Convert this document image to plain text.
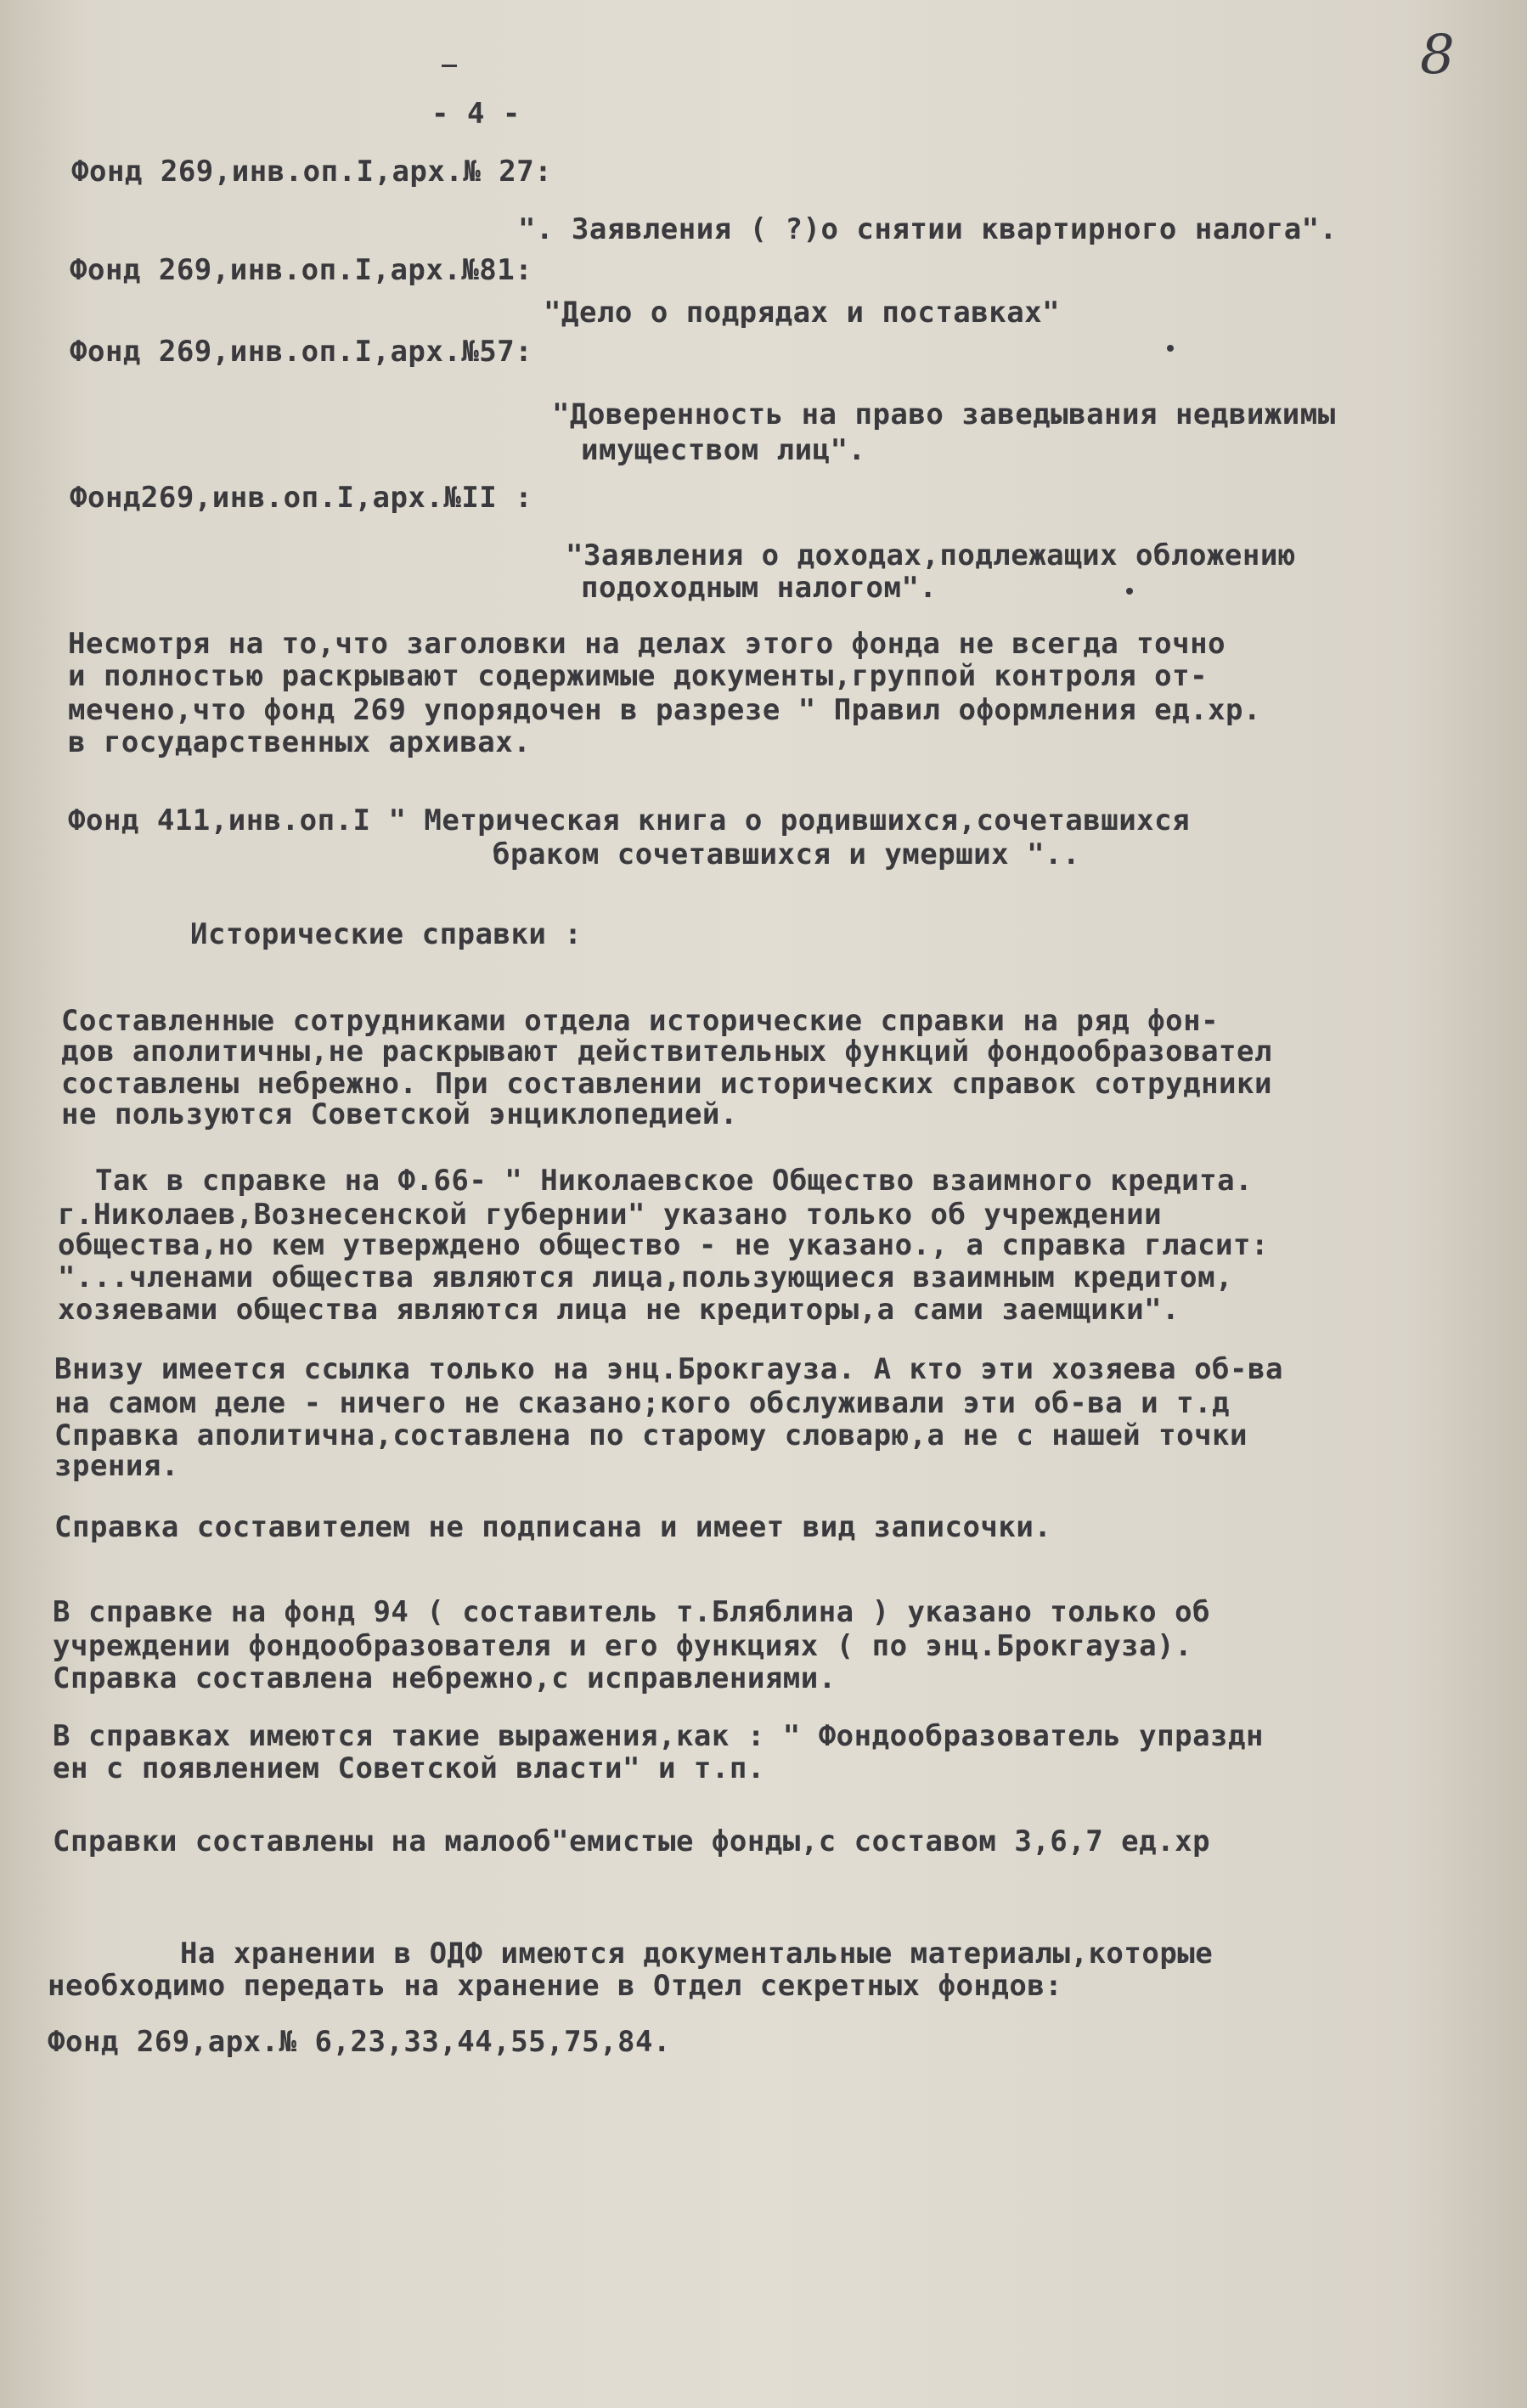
8
- 4 -
Фонд 269,инв.оп.I,арх.№ 27:
". Заявления ( ?)о снятии квартирного налога".
Фонд 269,инв.оп.I,арх.№81:
"Дело о подрядах и поставках"
Фонд 269,инв.оп.I,арх.№57:
"Доверенность на право заведывания недвижимы
имуществом лиц".
Фонд269,инв.оп.I,арх.№II :
"Заявления о доходах,подлежащих обложению
подоходным налогом".
Несмотря на то,что заголовки на делах этого фонда не всегда точно
и полностью раскрывают содержимые документы,группой контроля от-
мечено,что фонд 269 упорядочен в разрезе " Правил оформления ед.хр.
в государственных архивах.
Фонд 411,инв.оп.I " Метрическая книга о родившихся,сочетавшихся
браком сочетавшихся и умерших "..
Исторические справки :
Составленные сотрудниками отдела исторические справки на ряд фон-
дов аполитичны,не раскрывают действительных функций фондообразовател
составлены небрежно. При составлении исторических справок сотрудники
не пользуются Советской энциклопедией.
Так в справке на Ф.66- " Николаевское Общество взаимного кредита.
г.Николаев,Вознесенской губернии" указано только об учреждении
общества,но кем утверждено общество - не указано., а справка гласит:
"...членами общества являются лица,пользующиеся взаимным кредитом,
хозяевами общества являются лица не кредиторы,а сами заемщики".
Внизу имеется ссылка только на энц.Брокгауза. А кто эти хозяева об-ва
на самом деле - ничего не сказано;кого обслуживали эти об-ва и т.д
Справка аполитична,составлена по старому словарю,а не с нашей точки
зрения.
Справка составителем не подписана и имеет вид записочки.
В справке на фонд 94 ( составитель т.Бляблина ) указано только об
учреждении фондообразователя и его функциях ( по энц.Брокгауза).
Справка составлена небрежно,с исправлениями.
В справках имеются такие выражения,как : " Фондообразователь упраздн
ен с появлением Советской власти" и т.п.
Справки составлены на малооб"емистые фонды,с составом 3,6,7 ед.хр
На хранении в ОДФ имеются документальные материалы,которые
необходимо передать на хранение в Отдел секретных фондов:
Фонд 269,арх.№ 6,23,33,44,55,75,84.
